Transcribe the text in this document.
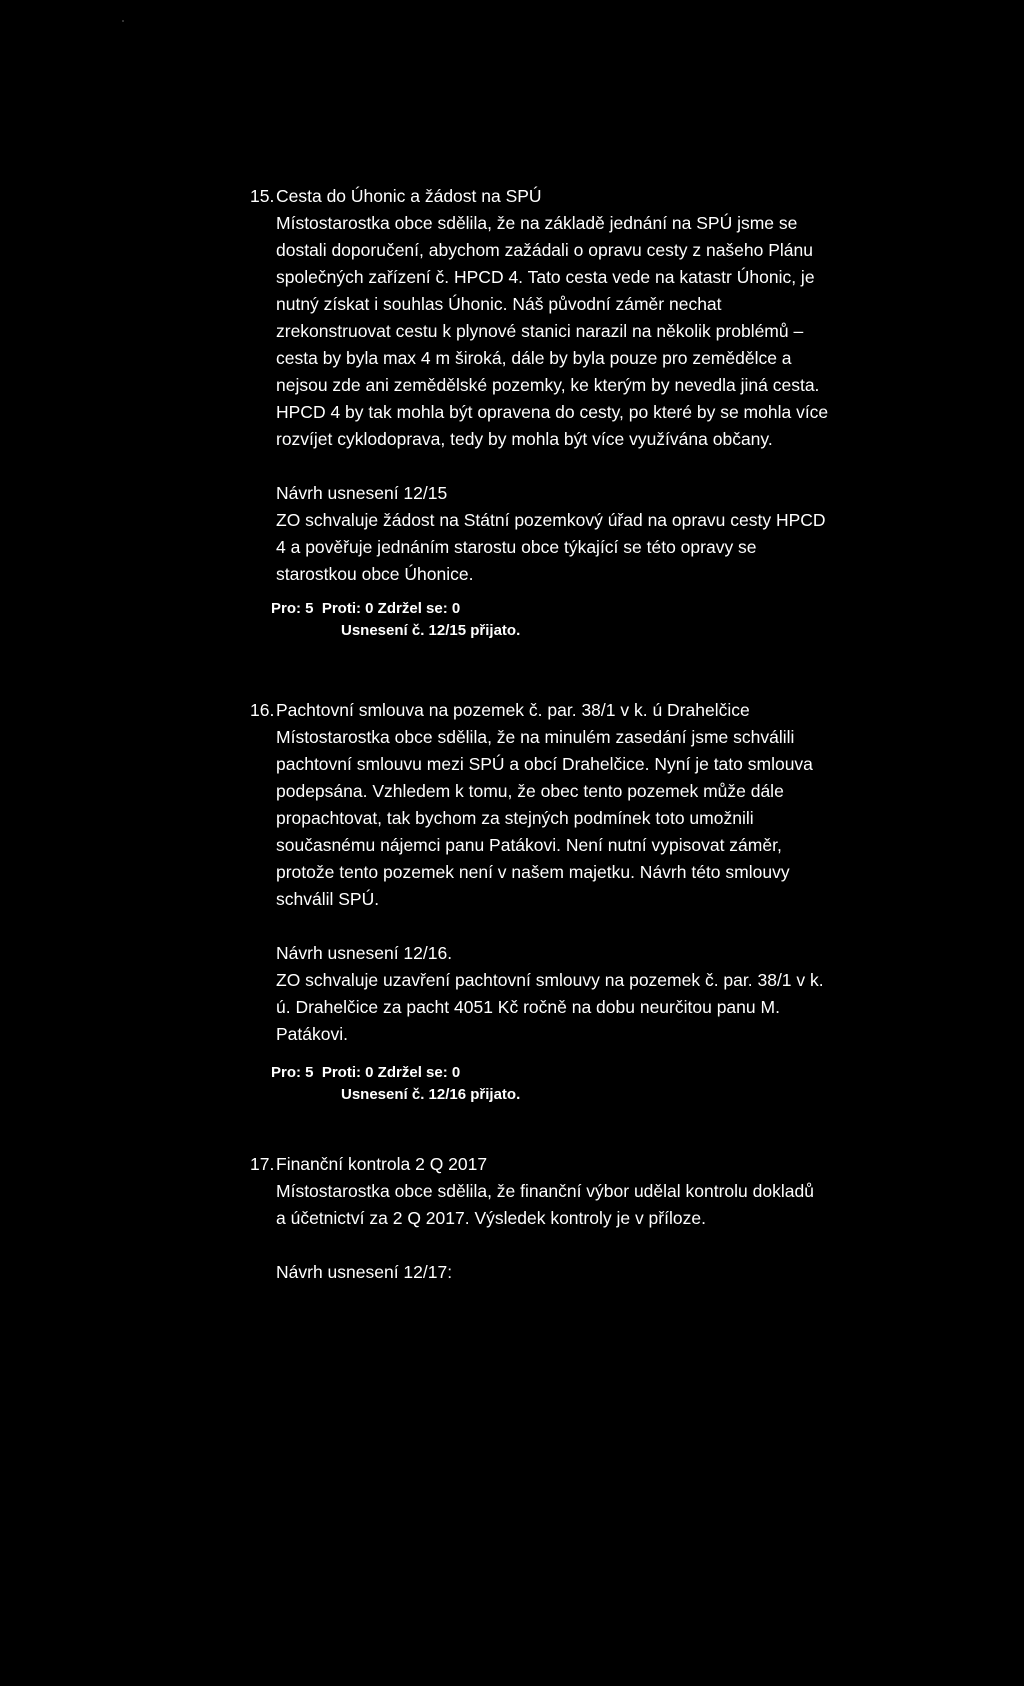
15. Cesta do Úhonic a žádost na SPÚ

Místostarostka obce sdělila, že na základě jednání na SPÚ jsme se
dostali doporučení, abychom zažádali o opravu cesty z našeho Plánu
společných zařízení č. HPCD 4. Tato cesta vede na katastr Úhonic, je
nutný získat i souhlas Úhonic. Náš původní záměr nechat
zrekonstruovat cestu k plynové stanici narazil na několik problémů –
cesta by byla max 4 m široká, dále by byla pouze pro zemědělce a
nejsou zde ani zemědělské pozemky, ke kterým by nevedla jiná cesta.
HPCD 4 by tak mohla být opravena do cesty, po které by se mohla více
rozvíjet cyklodoprava, tedy by mohla být více využívána občany.

Návrh usnesení 12/15

ZO schvaluje žádost na Státní pozemkový úřad na opravu cesty HPCD
4 a pověřuje jednáním starostu obce týkající se této opravy se
starostkou obce Úhonice.

Pro: 5  Proti: 0 Zdržel se: 0
Usnesení č. 12/15 přijato.
16. Pachtovní smlouva na pozemek č. par. 38/1 v k. ú Drahelčice

Místostarostka obce sdělila, že na minulém zasedání jsme schválili
pachtovní smlouvu mezi SPÚ a obcí Drahelčice. Nyní je tato smlouva
podepsána. Vzhledem k tomu, že obec tento pozemek může dále
propachtovat, tak bychom za stejných podmínek toto umožnili
současnému nájemci panu Patákovi. Není nutní vypisovat záměr,
protože tento pozemek není v našem majetku. Návrh této smlouvy
schválil SPÚ.

Návrh usnesení 12/16.

ZO schvaluje uzavření pachtovní smlouvy na pozemek č. par. 38/1 v k.
ú. Drahelčice za pacht 4051 Kč ročně na dobu neurčitou panu M.
Patákovi.

Pro: 5  Proti: 0 Zdržel se: 0
Usnesení č. 12/16 přijato.
17. Finanční kontrola 2 Q 2017

Místostarostka obce sdělila, že finanční výbor udělal kontrolu dokladů
a účetnictví za 2 Q 2017. Výsledek kontroly je v příloze.

Návrh usnesení 12/17:
